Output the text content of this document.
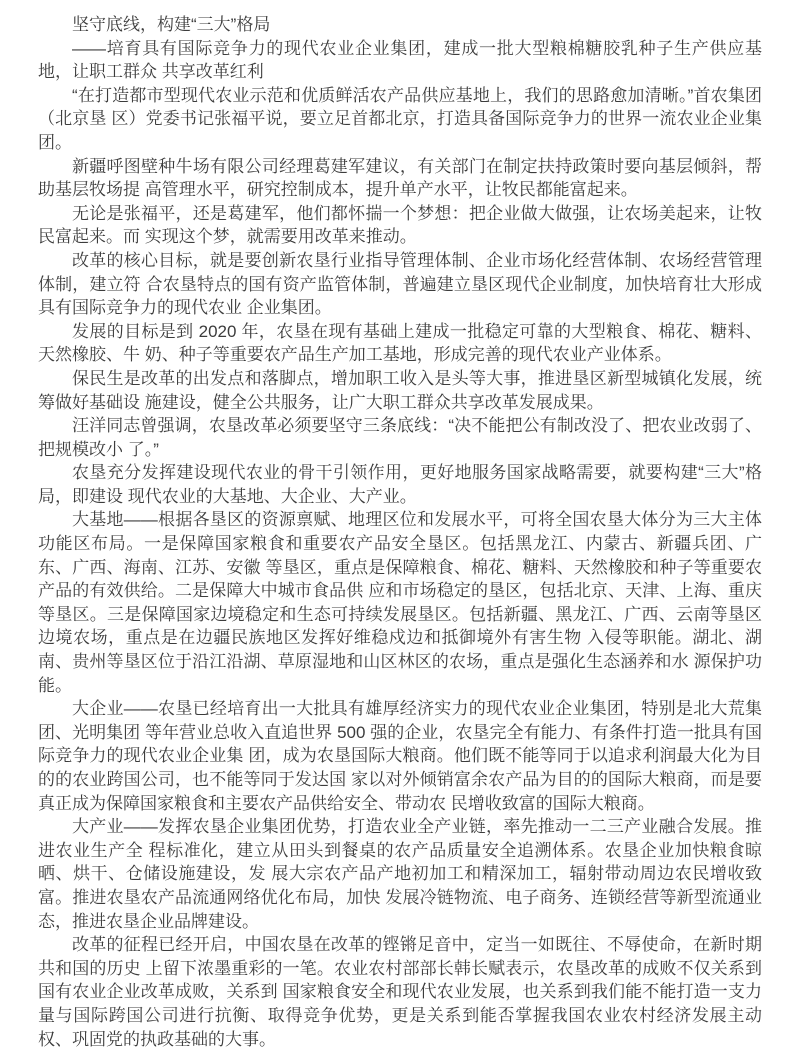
坚守底线，构建“三大”格局

——培育具有国际竞争力的现代农业企业集团，建成一批大型粮棉糖胶乳种子生产供应基地，让职工群众 共享改革红利

“在打造都市型现代农业示范和优质鲜活农产品供应基地上，我们的思路愈加清晰。”首农集团（北京垦 区）党委书记张福平说，要立足首都北京，打造具备国际竞争力的世界一流农业企业集团。

新疆呼图壁种牛场有限公司经理葛建军建议，有关部门在制定扶持政策时要向基层倾斜，帮助基层牧场提 高管理水平，研究控制成本，提升单产水平，让牧民都能富起来。

无论是张福平，还是葛建军，他们都怀揣一个梦想：把企业做大做强，让农场美起来，让牧民富起来。而 实现这个梦，就需要用改革来推动。

改革的核心目标，就是要创新农垦行业指导管理体制、企业市场化经营体制、农场经营管理体制，建立符 合农垦特点的国有资产监管体制，普遍建立垦区现代企业制度，加快培育壮大形成具有国际竞争力的现代农业 企业集团。

发展的目标是到 2020 年，农垦在现有基础上建成一批稳定可靠的大型粮食、棉花、糖料、天然橡胶、牛 奶、种子等重要农产品生产加工基地，形成完善的现代农业产业体系。

保民生是改革的出发点和落脚点，增加职工收入是头等大事，推进垦区新型城镇化发展，统筹做好基础设 施建设，健全公共服务，让广大职工群众共享改革发展成果。

汪洋同志曾强调，农垦改革必须要坚守三条底线：“决不能把公有制改没了、把农业改弱了、把规模改小 了。”

农垦充分发挥建设现代农业的骨干引领作用，更好地服务国家战略需要，就要构建“三大”格局，即建设 现代农业的大基地、大企业、大产业。

大基地——根据各垦区的资源禀赋、地理区位和发展水平，可将全国农垦大体分为三大主体功能区布局。一是保障国家粮食和重要农产品安全垦区。包括黑龙江、内蒙古、新疆兵团、广东、广西、海南、江苏、安徽 等垦区，重点是保障粮食、棉花、糖料、天然橡胶和种子等重要农产品的有效供给。二是保障大中城市食品供 应和市场稳定的垦区，包括北京、天津、上海、重庆等垦区。三是保障国家边境稳定和生态可持续发展垦区。包括新疆、黑龙江、广西、云南等垦区边境农场，重点是在边疆民族地区发挥好维稳戍边和抵御境外有害生物 入侵等职能。湖北、湖南、贵州等垦区位于沿江沿湖、草原湿地和山区林区的农场，重点是强化生态涵养和水 源保护功能。

大企业——农垦已经培育出一大批具有雄厚经济实力的现代农业企业集团，特别是北大荒集团、光明集团 等年营业总收入直追世界 500 强的企业，农垦完全有能力、有条件打造一批具有国际竞争力的现代农业企业集 团，成为农垦国际大粮商。他们既不能等同于以追求利润最大化为目的的农业跨国公司，也不能等同于发达国 家以对外倾销富余农产品为目的的国际大粮商，而是要真正成为保障国家粮食和主要农产品供给安全、带动农 民增收致富的国际大粮商。

大产业——发挥农垦企业集团优势，打造农业全产业链，率先推动一二三产业融合发展。推进农业生产全 程标准化，建立从田头到餐桌的农产品质量安全追溯体系。农垦企业加快粮食晾晒、烘干、仓储设施建设，发 展大宗农产品产地初加工和精深加工，辐射带动周边农民增收致富。推进农垦农产品流通网络优化布局，加快 发展冷链物流、电子商务、连锁经营等新型流通业态，推进农垦企业品牌建设。

改革的征程已经开启，中国农垦在改革的铿锵足音中，定当一如既往、不辱使命，在新时期共和国的历史 上留下浓墨重彩的一笔。农业农村部部长韩长赋表示，农垦改革的成败不仅关系到国有农业企业改革成败，关系到 国家粮食安全和现代农业发展，也关系到我们能不能打造一支力量与国际跨国公司进行抗衡、取得竞争优势，更是关系到能否掌握我国农业农村经济发展主动权、巩固党的执政基础的大事。
